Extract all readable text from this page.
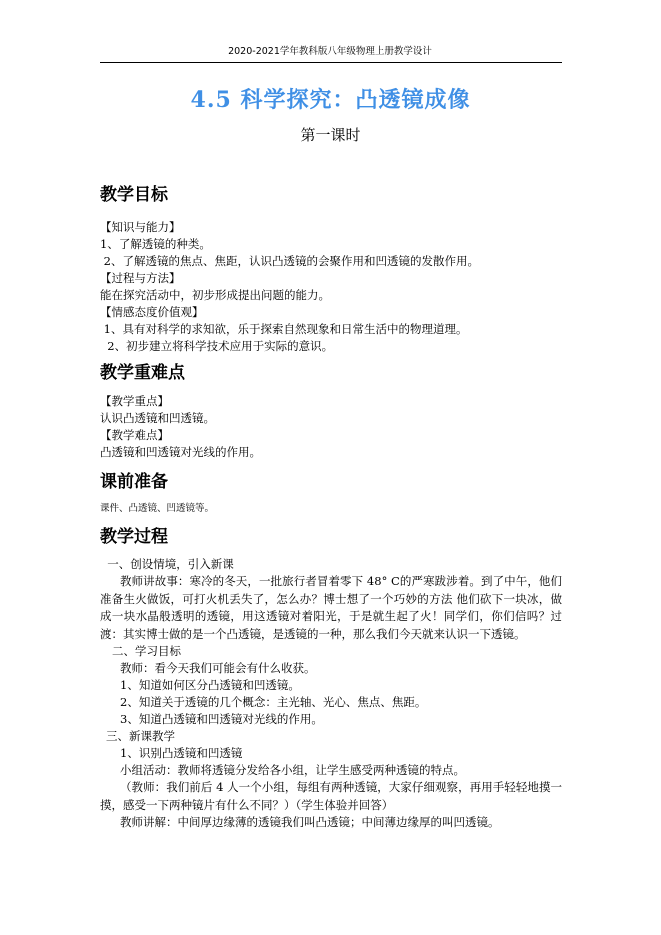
2020-2021学年教科版八年级物理上册教学设计
4.5 科学探究：凸透镜成像
第一课时
教学目标
【知识与能力】
1、了解透镜的种类。
2、了解透镜的焦点、焦距，认识凸透镜的会聚作用和凹透镜的发散作用。
【过程与方法】
能在探究活动中，初步形成提出问题的能力。
【情感态度价值观】
1、具有对科学的求知欲，乐于探索自然现象和日常生活中的物理道理。
2、初步建立将科学技术应用于实际的意识。
教学重难点
【教学重点】
认识凸透镜和凹透镜。
【教学难点】
凸透镜和凹透镜对光线的作用。
课前准备
课件、凸透镜、凹透镜等。
教学过程
一、创设情境，引入新课
教师讲故事：寒冷的冬天，一批旅行者冒着零下 48° C的严寒跋涉着。到了中午，他们准备生火做饭，可打火机丢失了，怎么办？博士想了一个巧妙的方法 他们砍下一块冰，做成一块水晶般透明的透镜，用这透镜对着阳光，于是就生起了火！同学们，你们信吗？过渡：其实博士做的是一个凸透镜，是透镜的一种，那么我们今天就来认识一下透镜。
二、学习目标
教师：看今天我们可能会有什么收获。
1、知道如何区分凸透镜和凹透镜。
2、知道关于透镜的几个概念：主光轴、光心、焦点、焦距。
3、知道凸透镜和凹透镜对光线的作用。
三、新课教学
1、识别凸透镜和凹透镜
小组活动：教师将透镜分发给各小组，让学生感受两种透镜的特点。
（教师：我们前后 4 人一个小组，每组有两种透镜，大家仔细观察，再用手轻轻地摸一摸，感受一下两种镜片有什么不同？）（学生体验并回答）
教师讲解：中间厚边缘薄的透镜我们叫凸透镜；中间薄边缘厚的叫凹透镜。
